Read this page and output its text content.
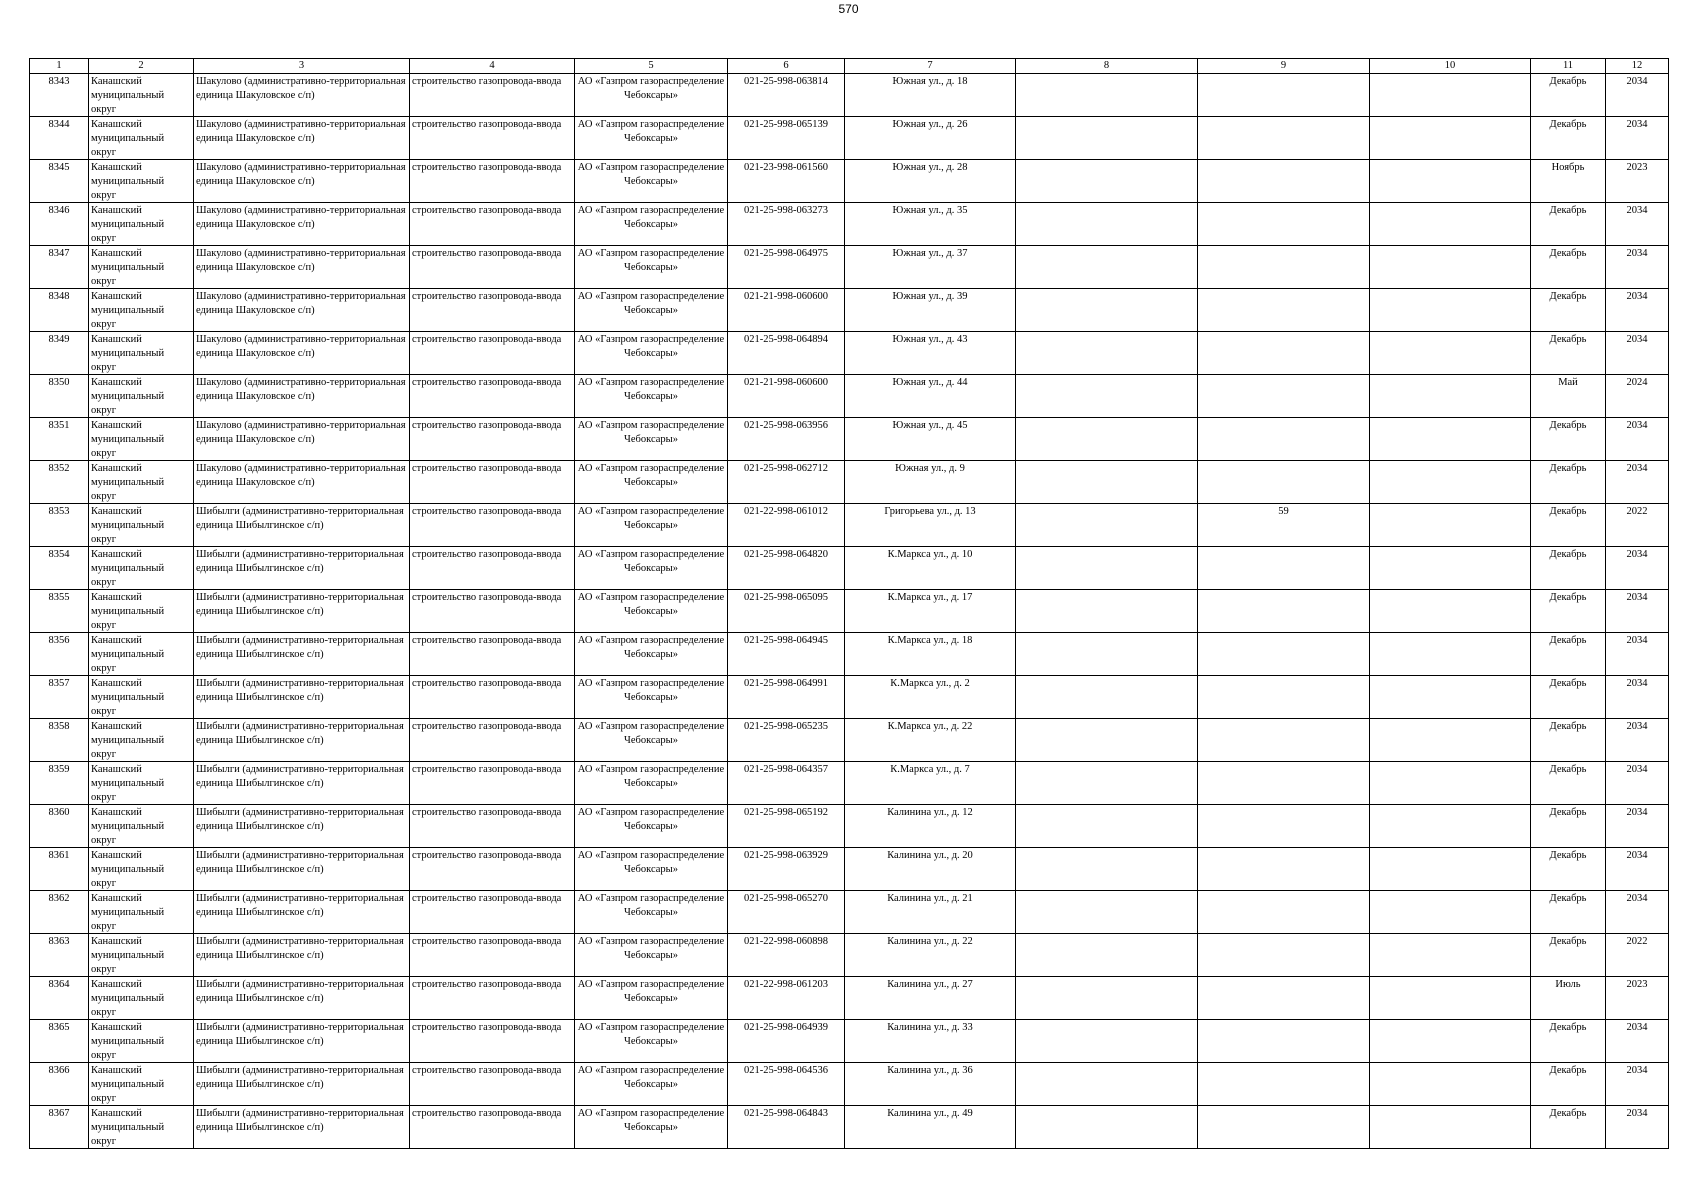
570
1	2	3	4	5	6	7	8	9	10	11	12

8343	Канашский муниципальный округ	Шакулово (административно-территориальная единица Шакуловское с/п)	строительство газопровода-ввода	АО «Газпром газораспределение Чебоксары»	021-25-998-063814	Южная ул., д. 18				Декабрь	2034

8344	Канашский муниципальный округ	Шакулово (административно-территориальная единица Шакуловское с/п)	строительство газопровода-ввода	АО «Газпром газораспределение Чебоксары»	021-25-998-065139	Южная ул., д. 26				Декабрь	2034

8345	Канашский муниципальный округ	Шакулово (административно-территориальная единица Шакуловское с/п)	строительство газопровода-ввода	АО «Газпром газораспределение Чебоксары»	021-23-998-061560	Южная ул., д. 28				Ноябрь	2023

8346	Канашский муниципальный округ	Шакулово (административно-территориальная единица Шакуловское с/п)	строительство газопровода-ввода	АО «Газпром газораспределение Чебоксары»	021-25-998-063273	Южная ул., д. 35				Декабрь	2034

8347	Канашский муниципальный округ	Шакулово (административно-территориальная единица Шакуловское с/п)	строительство газопровода-ввода	АО «Газпром газораспределение Чебоксары»	021-25-998-064975	Южная ул., д. 37				Декабрь	2034

8348	Канашский муниципальный округ	Шакулово (административно-территориальная единица Шакуловское с/п)	строительство газопровода-ввода	АО «Газпром газораспределение Чебоксары»	021-21-998-060600	Южная ул., д. 39				Декабрь	2034

8349	Канашский муниципальный округ	Шакулово (административно-территориальная единица Шакуловское с/п)	строительство газопровода-ввода	АО «Газпром газораспределение Чебоксары»	021-25-998-064894	Южная ул., д. 43				Декабрь	2034

8350	Канашский муниципальный округ	Шакулово (административно-территориальная единица Шакуловское с/п)	строительство газопровода-ввода	АО «Газпром газораспределение Чебоксары»	021-21-998-060600	Южная ул., д. 44				Май	2024

8351	Канашский муниципальный округ	Шакулово (административно-территориальная единица Шакуловское с/п)	строительство газопровода-ввода	АО «Газпром газораспределение Чебоксары»	021-25-998-063956	Южная ул., д. 45				Декабрь	2034

8352	Канашский муниципальный округ	Шакулово (административно-территориальная единица Шакуловское с/п)	строительство газопровода-ввода	АО «Газпром газораспределение Чебоксары»	021-25-998-062712	Южная ул., д. 9				Декабрь	2034

8353	Канашский муниципальный округ	Шибылги (административно-территориальная единица Шибылгинское с/п)	строительство газопровода-ввода	АО «Газпром газораспределение Чебоксары»	021-22-998-061012	Григорьева ул., д. 13		59		Декабрь	2022

8354	Канашский муниципальный округ	Шибылги (административно-территориальная единица Шибылгинское с/п)	строительство газопровода-ввода	АО «Газпром газораспределение Чебоксары»	021-25-998-064820	К.Маркса ул., д. 10				Декабрь	2034

8355	Канашский муниципальный округ	Шибылги (административно-территориальная единица Шибылгинское с/п)	строительство газопровода-ввода	АО «Газпром газораспределение Чебоксары»	021-25-998-065095	К.Маркса ул., д. 17				Декабрь	2034

8356	Канашский муниципальный округ	Шибылги (административно-территориальная единица Шибылгинское с/п)	строительство газопровода-ввода	АО «Газпром газораспределение Чебоксары»	021-25-998-064945	К.Маркса ул., д. 18				Декабрь	2034

8357	Канашский муниципальный округ	Шибылги (административно-территориальная единица Шибылгинское с/п)	строительство газопровода-ввода	АО «Газпром газораспределение Чебоксары»	021-25-998-064991	К.Маркса ул., д. 2				Декабрь	2034

8358	Канашский муниципальный округ	Шибылги (административно-территориальная единица Шибылгинское с/п)	строительство газопровода-ввода	АО «Газпром газораспределение Чебоксары»	021-25-998-065235	К.Маркса ул., д. 22				Декабрь	2034

8359	Канашский муниципальный округ	Шибылги (административно-территориальная единица Шибылгинское с/п)	строительство газопровода-ввода	АО «Газпром газораспределение Чебоксары»	021-25-998-064357	К.Маркса ул., д. 7				Декабрь	2034

8360	Канашский муниципальный округ	Шибылги (административно-территориальная единица Шибылгинское с/п)	строительство газопровода-ввода	АО «Газпром газораспределение Чебоксары»	021-25-998-065192	Калинина ул., д. 12				Декабрь	2034

8361	Канашский муниципальный округ	Шибылги (административно-территориальная единица Шибылгинское с/п)	строительство газопровода-ввода	АО «Газпром газораспределение Чебоксары»	021-25-998-063929	Калинина ул., д. 20				Декабрь	2034

8362	Канашский муниципальный округ	Шибылги (административно-территориальная единица Шибылгинское с/п)	строительство газопровода-ввода	АО «Газпром газораспределение Чебоксары»	021-25-998-065270	Калинина ул., д. 21				Декабрь	2034

8363	Канашский муниципальный округ	Шибылги (административно-территориальная единица Шибылгинское с/п)	строительство газопровода-ввода	АО «Газпром газораспределение Чебоксары»	021-22-998-060898	Калинина ул., д. 22				Декабрь	2022

8364	Канашский муниципальный округ	Шибылги (административно-территориальная единица Шибылгинское с/п)	строительство газопровода-ввода	АО «Газпром газораспределение Чебоксары»	021-22-998-061203	Калинина ул., д. 27				Июль	2023

8365	Канашский муниципальный округ	Шибылги (административно-территориальная единица Шибылгинское с/п)	строительство газопровода-ввода	АО «Газпром газораспределение Чебоксары»	021-25-998-064939	Калинина ул., д. 33				Декабрь	2034

8366	Канашский муниципальный округ	Шибылги (административно-территориальная единица Шибылгинское с/п)	строительство газопровода-ввода	АО «Газпром газораспределение Чебоксары»	021-25-998-064536	Калинина ул., д. 36				Декабрь	2034

8367	Канашский муниципальный округ	Шибылги (административно-территориальная единица Шибылгинское с/п)	строительство газопровода-ввода	АО «Газпром газораспределение Чебоксары»	021-25-998-064843	Калинина ул., д. 49				Декабрь	2034
